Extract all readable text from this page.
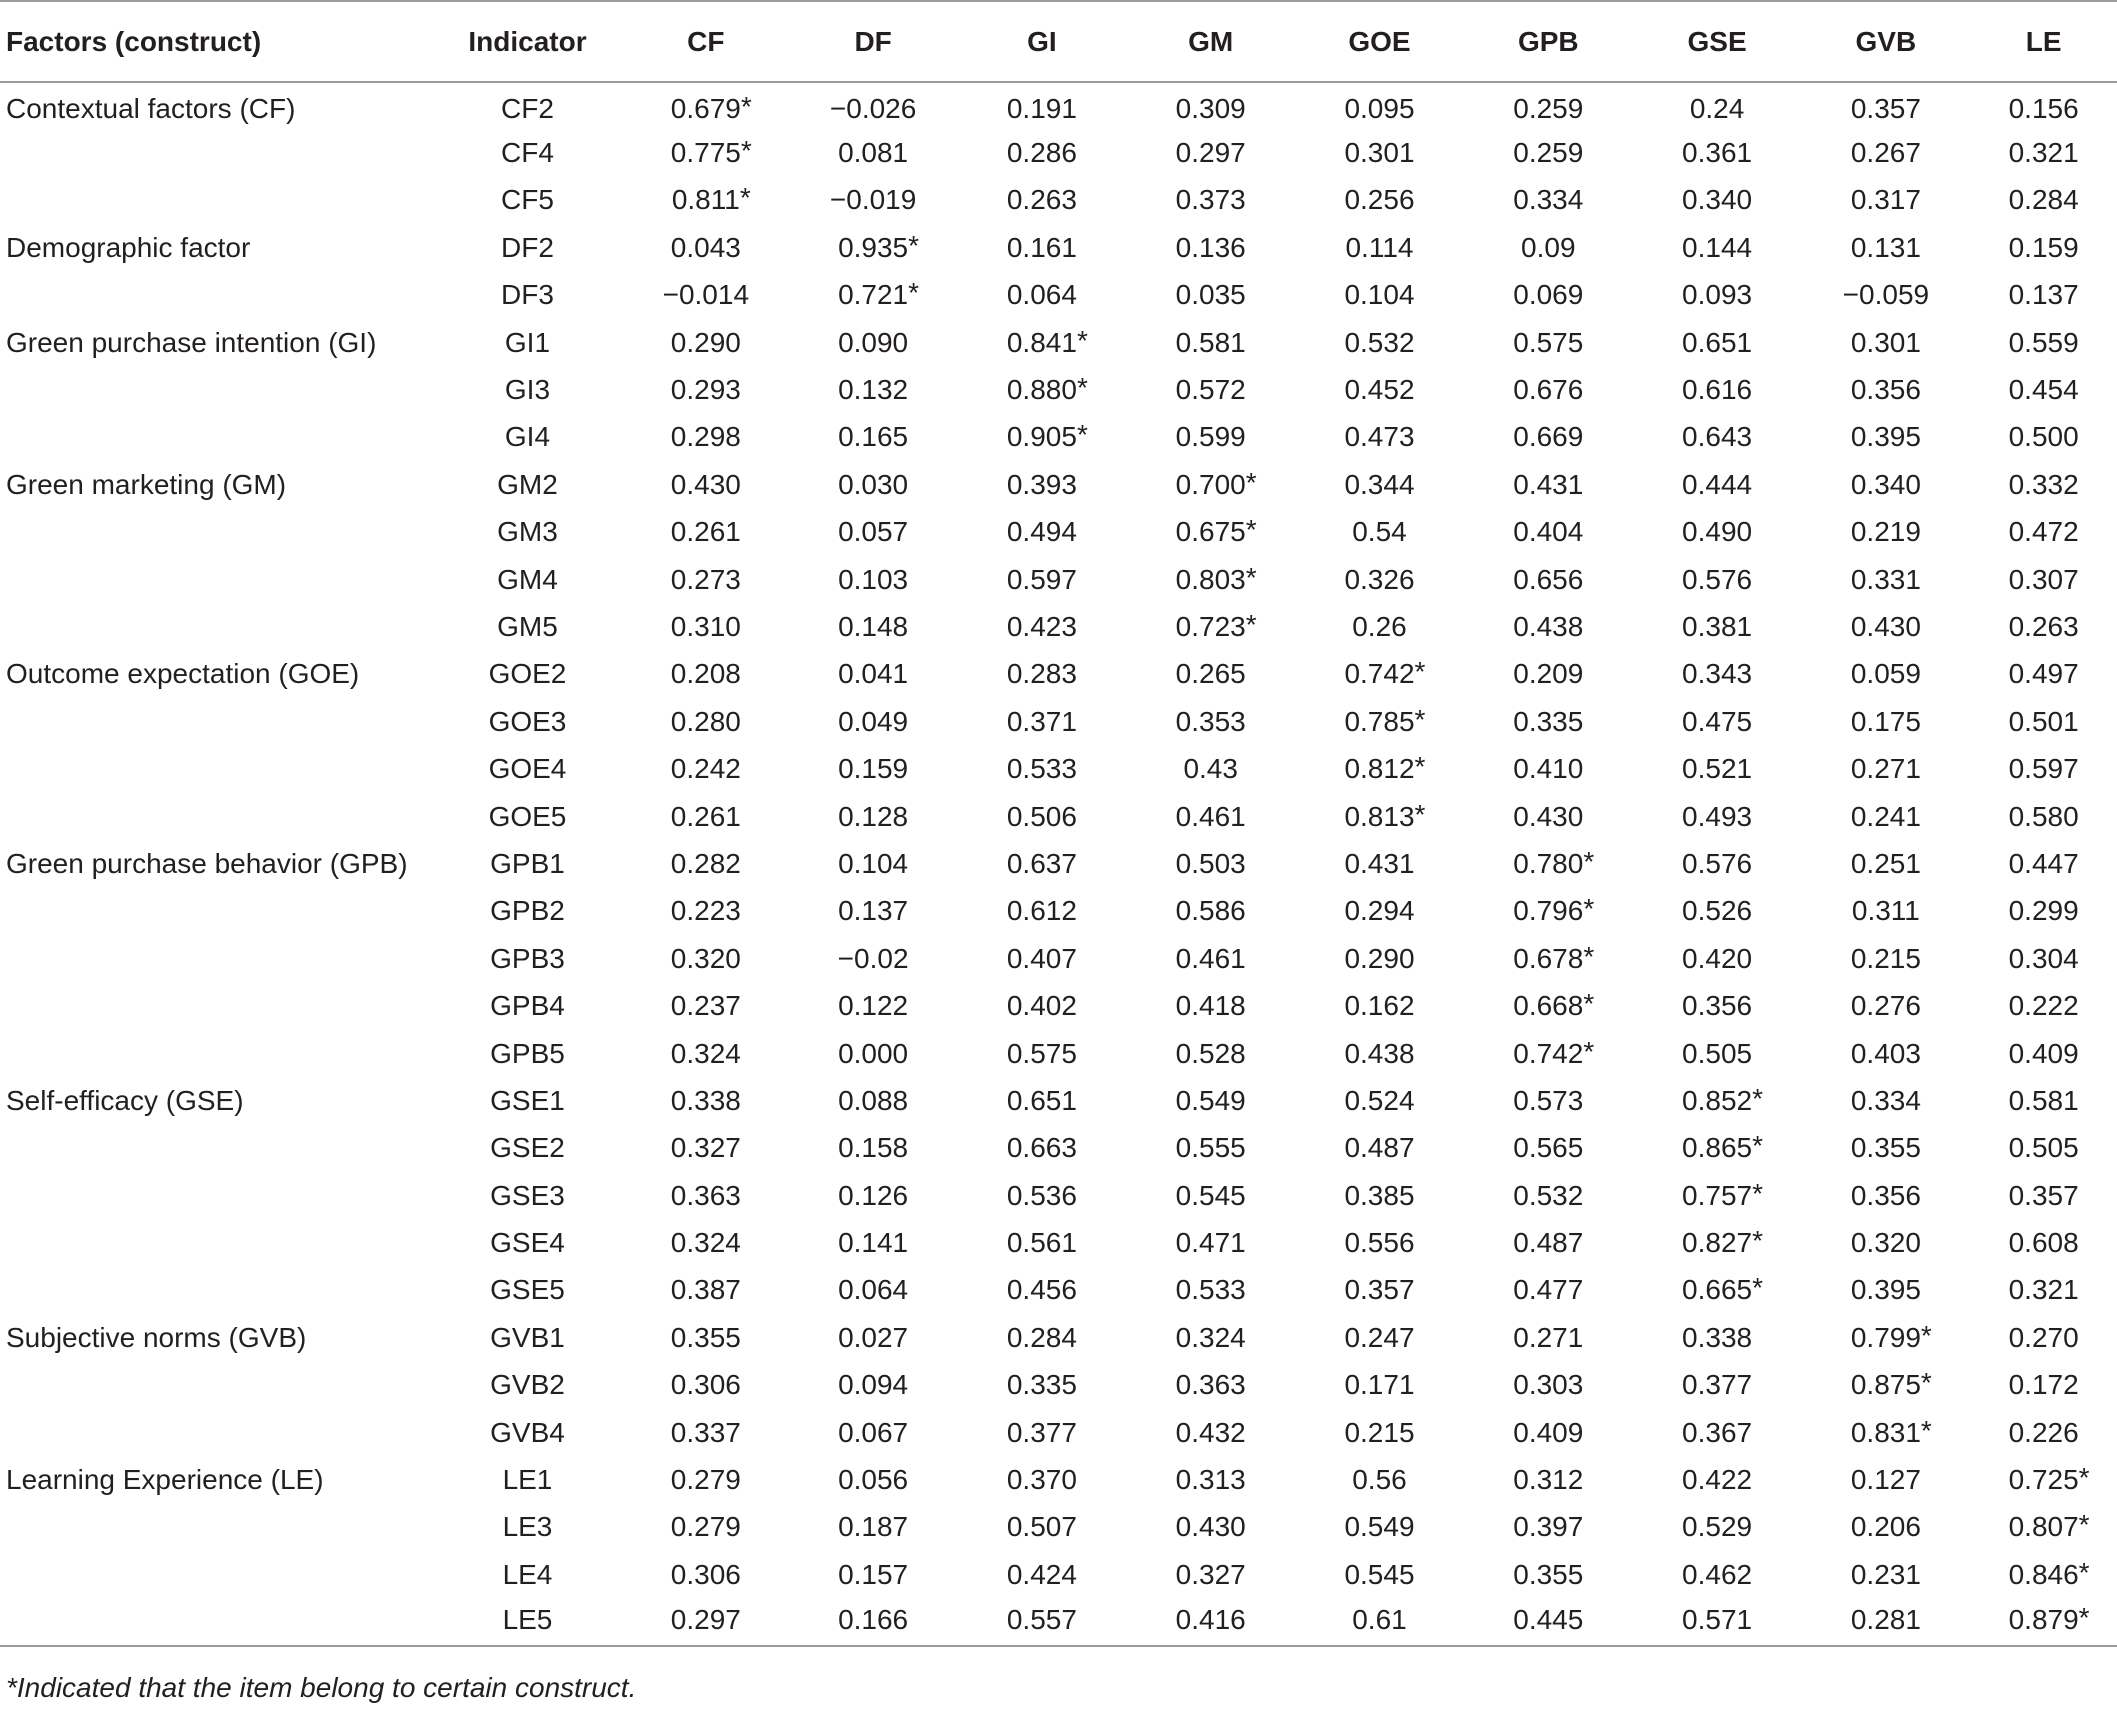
Factors (construct)	Indicator	CF	DF	GI	GM	GOE	GPB	GSE	GVB	LE
Contextual factors (CF)	CF2	0.679 *	−0.026	0.191	0.309	0.095	0.259	0.24	0.357	0.156
	CF4	0.775 *	0.081	0.286	0.297	0.301	0.259	0.361	0.267	0.321
	CF5	0.811 *	−0.019	0.263	0.373	0.256	0.334	0.340	0.317	0.284
Demographic factor	DF2	0.043	0.935 *	0.161	0.136	0.114	0.09	0.144	0.131	0.159
	DF3	−0.014	0.721 *	0.064	0.035	0.104	0.069	0.093	−0.059	0.137
Green purchase intention (GI)	GI1	0.290	0.090	0.841 *	0.581	0.532	0.575	0.651	0.301	0.559
	GI3	0.293	0.132	0.880 *	0.572	0.452	0.676	0.616	0.356	0.454
	GI4	0.298	0.165	0.905 *	0.599	0.473	0.669	0.643	0.395	0.500
Green marketing (GM)	GM2	0.430	0.030	0.393	0.700 *	0.344	0.431	0.444	0.340	0.332
	GM3	0.261	0.057	0.494	0.675 *	0.54	0.404	0.490	0.219	0.472
	GM4	0.273	0.103	0.597	0.803 *	0.326	0.656	0.576	0.331	0.307
	GM5	0.310	0.148	0.423	0.723 *	0.26	0.438	0.381	0.430	0.263
Outcome expectation (GOE)	GOE2	0.208	0.041	0.283	0.265	0.742 *	0.209	0.343	0.059	0.497
	GOE3	0.280	0.049	0.371	0.353	0.785 *	0.335	0.475	0.175	0.501
	GOE4	0.242	0.159	0.533	0.43	0.812 *	0.410	0.521	0.271	0.597
	GOE5	0.261	0.128	0.506	0.461	0.813 *	0.430	0.493	0.241	0.580
Green purchase behavior (GPB)	GPB1	0.282	0.104	0.637	0.503	0.431	0.780 *	0.576	0.251	0.447
	GPB2	0.223	0.137	0.612	0.586	0.294	0.796 *	0.526	0.311	0.299
	GPB3	0.320	−0.02	0.407	0.461	0.290	0.678 *	0.420	0.215	0.304
	GPB4	0.237	0.122	0.402	0.418	0.162	0.668 *	0.356	0.276	0.222
	GPB5	0.324	0.000	0.575	0.528	0.438	0.742 *	0.505	0.403	0.409
Self-efficacy (GSE)	GSE1	0.338	0.088	0.651	0.549	0.524	0.573	0.852 *	0.334	0.581
	GSE2	0.327	0.158	0.663	0.555	0.487	0.565	0.865 *	0.355	0.505
	GSE3	0.363	0.126	0.536	0.545	0.385	0.532	0.757 *	0.356	0.357
	GSE4	0.324	0.141	0.561	0.471	0.556	0.487	0.827 *	0.320	0.608
	GSE5	0.387	0.064	0.456	0.533	0.357	0.477	0.665 *	0.395	0.321
Subjective norms (GVB)	GVB1	0.355	0.027	0.284	0.324	0.247	0.271	0.338	0.799 *	0.270
	GVB2	0.306	0.094	0.335	0.363	0.171	0.303	0.377	0.875 *	0.172
	GVB4	0.337	0.067	0.377	0.432	0.215	0.409	0.367	0.831 *	0.226
Learning Experience (LE)	LE1	0.279	0.056	0.370	0.313	0.56	0.312	0.422	0.127	0.725 *

	LE3	0.279	0.187	0.507	0.430	0.549	0.397	0.529	0.206	0.807 *

	LE4	0.306	0.157	0.424	0.327	0.545	0.355	0.462	0.231	0.846 *

	LE5	0.297	0.166	0.557	0.416	0.61	0.445	0.571	0.281	0.879 *
*Indicated that the item belong to certain construct.
